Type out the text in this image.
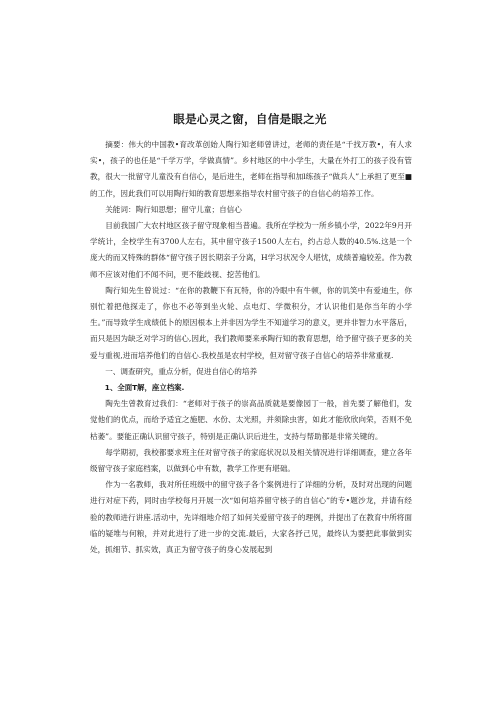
眼是心灵之窗，自信是眼之光

摘要：伟大的中国教•育改革创始人陶行知老师曾讲过，老师的责任是“千找万教•，有人求实•，孩子的也任是“千学万学，学做真情”。乡村地区的中小学生，大量在外打工的孩子没有管教，很大一批留守儿童没有自信心，是后进生，老师在指导和加l练孩子“做兵人”上承担了更至■的工作，因此我们可以用陶行知的教育思想来指导农村留守孩子的自信心的培养工作。

关能词：陶行知思想；留守儿童；自信心

目前我国广大农村地区孩子留守现象相当普遍。我所在学校为一所乡镇小学，2022年9月开学统计，全校学生有3700人左右，其中留守孩子1500人左右，约占总人数的40.5%.这是一个庞大的而又特殊的群体“留守孩子因长期亲子分离，H学习状况令人堪忧，成绩普遍较差。作为教师不应该对他们不闻不问，更不能歧视、挖苦他们。

陶行知先生曾说过：“在你的教鞭下有瓦特，你的冷眼中有牛顿，你的讥笑中有爱迪生，你别忙着把他探走了，你也不必等到坐火轮、点电灯、学微积分，才认识他们是你当年的小学生。”而导致学生成绩低卜的原因根本上并非因为学生不知道学习的意义，更并非智力水平落后，而只是因为缺乏对学习的信心,因此，我们教师要来承陶行知的教育思想，给予留守孩子更多的关爱与重视,进而培养他们的自信心.我校虽是农村学校，但对留守孩子自信心的培养非常重视.

一、调查研究，重点分析，促进自信心的培养

1、全面T解，座立档案.

陶先生曾教育过我们：“老师对于孩子的崇高品质就是要像园丁一般，首先要了解他们，发觉他们的优点，而给予适宜之施肥、水份、太光照，并须除虫害，如此才能欣欣向荣，否则不免枯萎”。要能正确认识留守孩子，特别是正确认识后进生，支持与帮助都是非常关键的。

每学期初，我校都要求班主任对留守孩子的家庭状况以及相关情况进行详细调查，建立各年级留守孩子家庭档案，以做到心中有数，教学工作更有堪础。

作为一名教师，我对所任班级中的留守孩子各个案例进行了详细的分析，及时对出现的问题进行对症下药，同时由学校每月开展一次“如何培养留守核子的自信心”的专•题沙龙，并请有经验的教师进行讲座.活动中，先详细地介绍了如何关爱留守孩子的理例，并提出了在教育中所将面临的疑堆与何粮，并对此进行了进一步的交流.最后，大家各抒己见，最终认为要把此事做到实处，抓细节、抓实效，真正为留守孩子的身心发展起到
